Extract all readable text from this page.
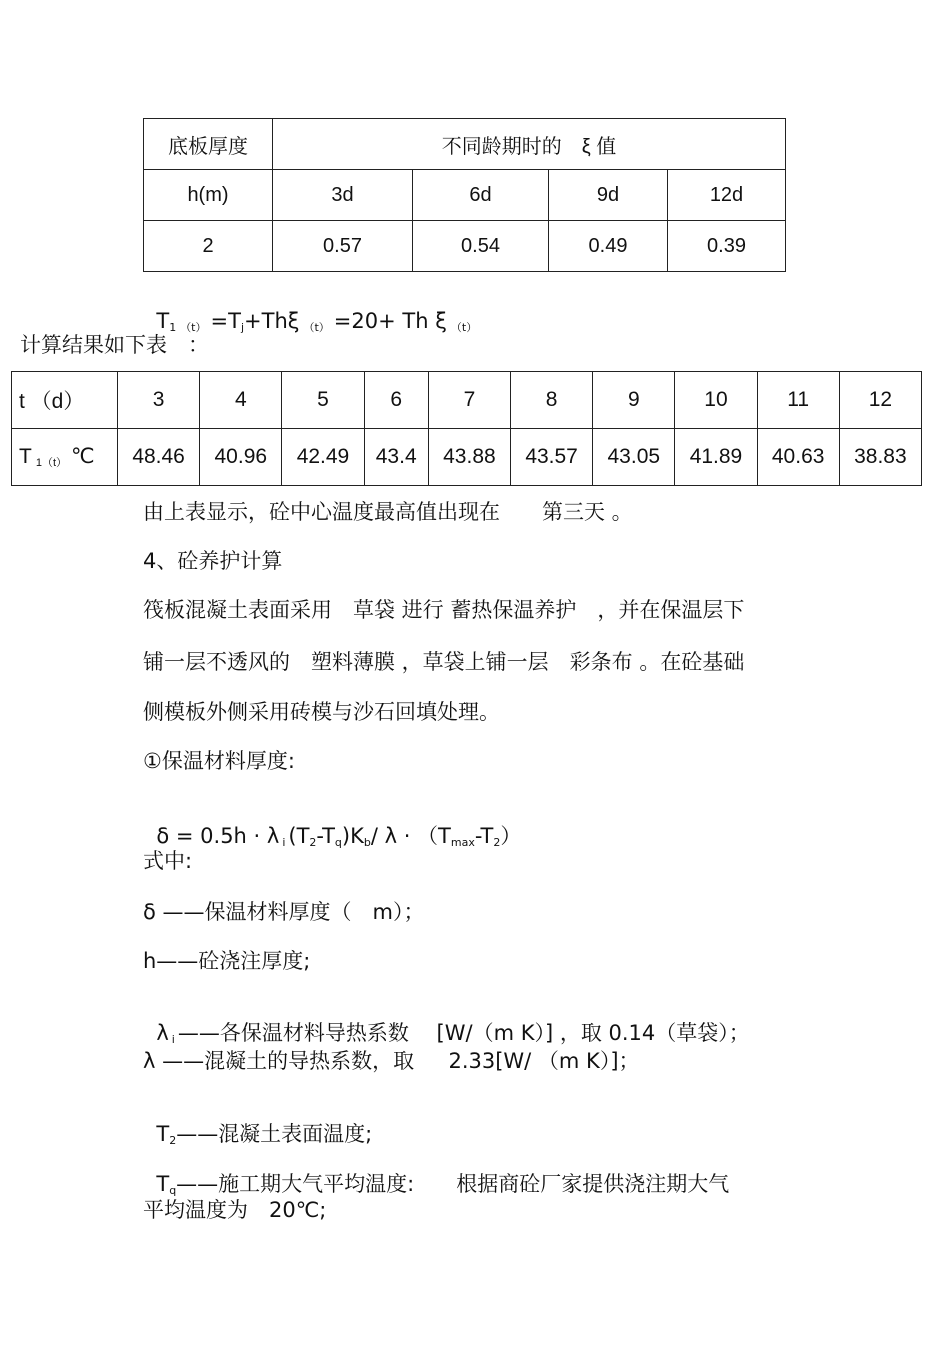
底板厚度	不同龄期时的　ξ 值			
h(m)	3d	6d	9d	12d
2	0.57	0.54	0.49	0.39

$T_1$ $(t) =T_j+Th\xi$ （t） =20+ Th ξ （t）

计算结果如下表　：
t （d）	3	4	5	6	7	8	9	10	11	12
T $_{1(t)}$ ℃	48.46	40.96	42.49	43.4	43.88	43.57	43.05	41.89	40.63	38.83
由上表显示，砼中心温度最高值出现在　　第三天 。
4、砼养护计算
筏板混凝土表面采用　草袋 进行 蓄热保温养护　，并在保温层下
铺一层不透风的　塑料薄膜 ，草袋上铺一层　彩条布 。在砼基础
侧模板外侧采用砖模与沙石回填处理。
①保温材料厚度:

δ = 0.5h · λ $_i$ $(T_2-T_q)K_b/$ $\lambda \cdot (T_{max}-T_2)$

式中:
δ ——保温材料厚度（　m）；
h——砼浇注厚度;

λ $_i$ ——各保温材料导热系数　 [W/（m K）] ，取 0.14（草袋）；

λ ——混凝土的导热系数，取　  2.33[W/ （m K）]；

$T_2——$混凝土表面温度;

$T_q——$施工期大气平均温度:　　根据商砼厂家提供浇注期大气

平均温度为　20℃;
